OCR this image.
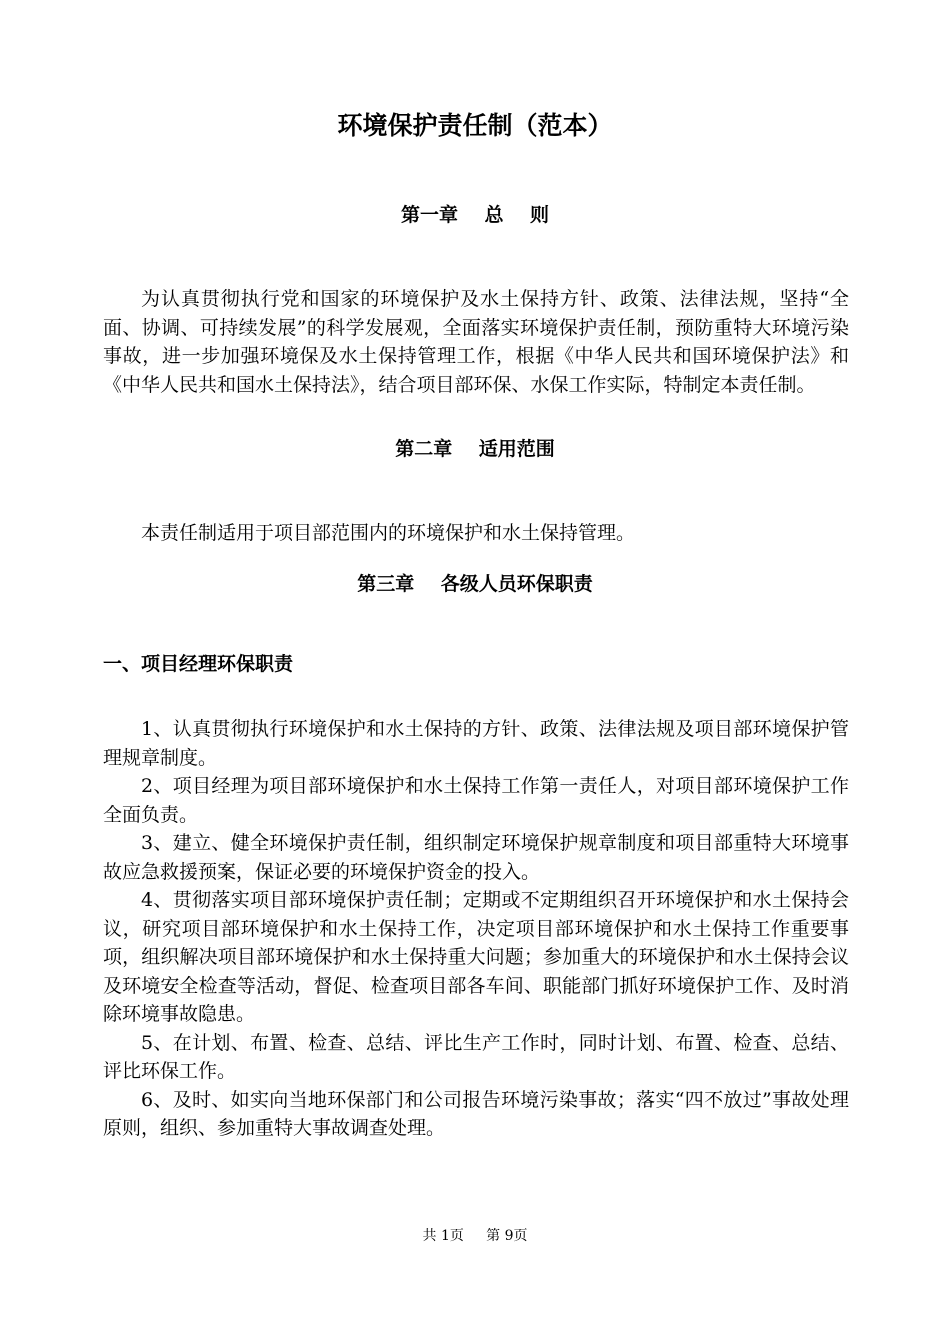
环境保护责任制（范本）
第一章    总    则

为认真贯彻执行党和国家的环境保护及水土保持方针、政策、法律法规，坚持“全面、协调、可持续发展”的科学发展观，全面落实环境保护责任制，预防重特大环境污染事故，进一步加强环境保及水土保持管理工作，根据《中华人民共和国环境保护法》和《中华人民共和国水土保持法》，结合项目部环保、水保工作实际，特制定本责任制。

第二章    适用范围

本责任制适用于项目部范围内的环境保护和水土保持管理。

第三章    各级人员环保职责
一、项目经理环保职责

1、认真贯彻执行环境保护和水土保持的方针、政策、法律法规及项目部环境保护管理规章制度。

2、项目经理为项目部环境保护和水土保持工作第一责任人，对项目部环境保护工作全面负责。

3、建立、健全环境保护责任制，组织制定环境保护规章制度和项目部重特大环境事故应急救援预案，保证必要的环境保护资金的投入。

4、贯彻落实项目部环境保护责任制；定期或不定期组织召开环境保护和水土保持会议，研究项目部环境保护和水土保持工作，决定项目部环境保护和水土保持工作重要事项，组织解决项目部环境保护和水土保持重大问题；参加重大的环境保护和水土保持会议及环境安全检查等活动，督促、检查项目部各车间、职能部门抓好环境保护工作、及时消除环境事故隐患。

5、在计划、布置、检查、总结、评比生产工作时，同时计划、布置、检查、总结、评比环保工作。

6、及时、如实向当地环保部门和公司报告环境污染事故；落实“四不放过”事故处理原则，组织、参加重特大事故调查处理。

共 1页     第 9页
